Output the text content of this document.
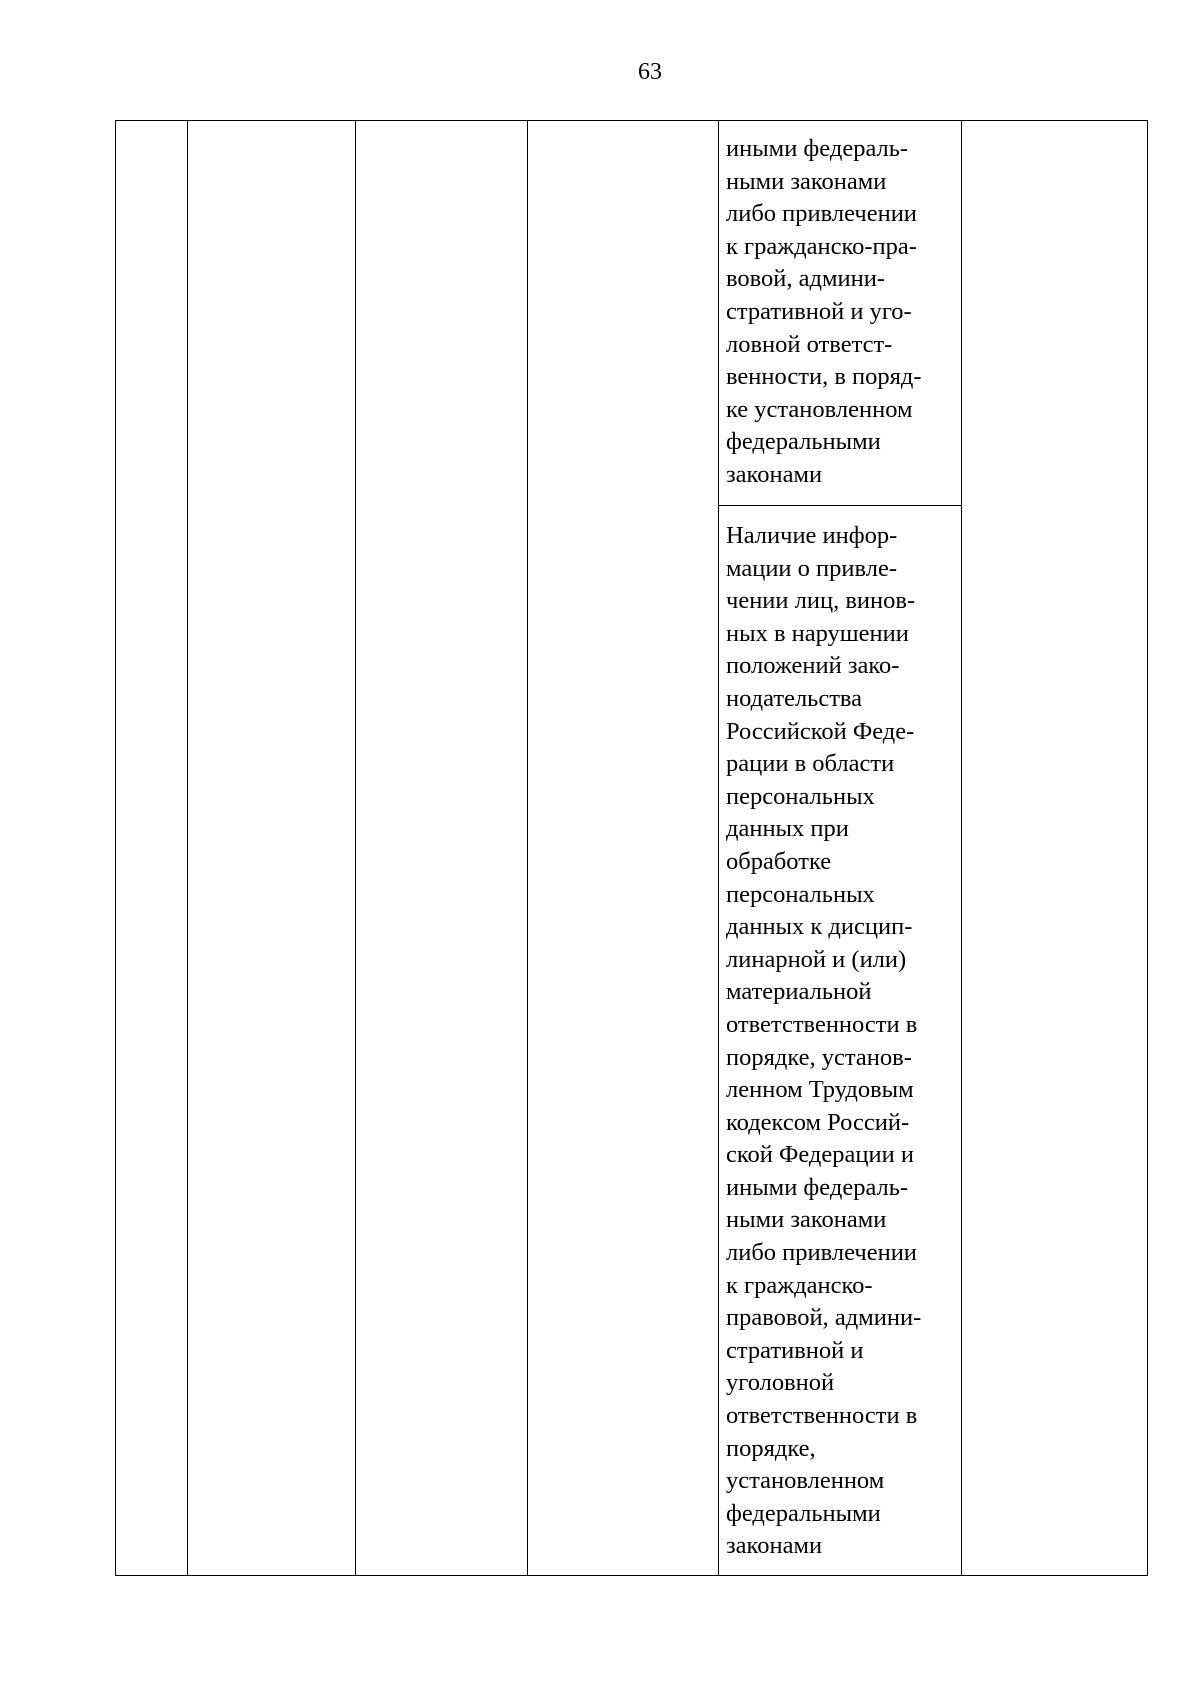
63

иными федераль-
ными законами
либо привлечении
к гражданско-пра-
вовой, админи-
стративной и уго-
ловной ответст-
венности, в поряд-
ке установленном
федеральными
законами

Наличие инфор-
мации о привле-
чении лиц, винов-
ных в нарушении
положений зако-
нодательства
Российской Феде-
рации в области
персональных
данных при
обработке
персональных
данных к дисцип-
линарной и (или)
материальной
ответственности в
порядке, установ-
ленном Трудовым
кодексом Россий-
ской Федерации и
иными федераль-
ными законами
либо привлечении
к гражданско-
правовой, админи-
стративной и
уголовной
ответственности в
порядке,
установленном
федеральными
законами
